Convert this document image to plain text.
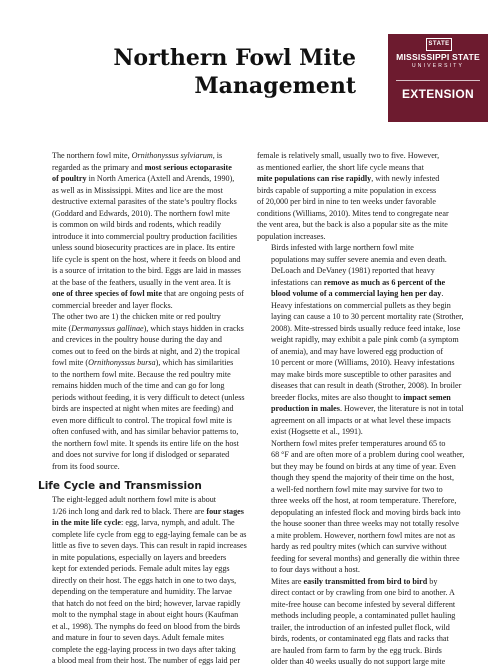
Northern Fowl Mite
Management
STATE
MISSISSIPPI STATE
UNIVERSITY
EXTENSION

The northern fowl mite, Ornithonyssus sylviarum, is
regarded as the primary and most serious ectoparasite
of poultry in North America (Axtell and Arends, 1990),
as well as in Mississippi. Mites and lice are the most
destructive external parasites of the state’s poultry flocks
(Goddard and Edwards, 2010). The northern fowl mite
is common on wild birds and rodents, which readily
introduce it into commercial poultry production facilities
unless sound biosecurity practices are in place. Its entire
life cycle is spent on the host, where it feeds on blood and
is a source of irritation to the bird. Eggs are laid in masses
at the base of the feathers, usually in the vent area. It is
one of three species of fowl mite that are ongoing pests of
commercial breeder and layer flocks.

The other two are 1) the chicken mite or red poultry
mite (Dermanyssus gallinae), which stays hidden in cracks
and crevices in the poultry house during the day and
comes out to feed on the birds at night, and 2) the tropical
fowl mite (Ornithonyssus bursa), which has similarities
to the northern fowl mite. Because the red poultry mite
remains hidden much of the time and can go for long
periods without feeding, it is very difficult to detect (unless
birds are inspected at night when mites are feeding) and
even more difficult to control. The tropical fowl mite is
often confused with, and has similar behavior patterns to,
the northern fowl mite. It spends its entire life on the host
and does not survive for long if dislodged or separated
from its food source.

Life Cycle and Transmission

The eight-legged adult northern fowl mite is about
1/26 inch long and dark red to black. There are four stages
in the mite life cycle: egg, larva, nymph, and adult. The
complete life cycle from egg to egg-laying female can be as
little as five to seven days. This can result in rapid increases
in mite populations, especially on layers and breeders
kept for extended periods. Female adult mites lay eggs
directly on their host. The eggs hatch in one to two days,
depending on the temperature and humidity. The larvae
that hatch do not feed on the bird; however, larvae rapidly
molt to the nymphal stage in about eight hours (Kaufman
et al., 1998). The nymphs do feed on blood from the birds
and mature in four to seven days. Adult female mites
complete the egg-laying process in two days after taking
a blood meal from their host. The number of eggs laid per

female is relatively small, usually two to five. However,
as mentioned earlier, the short life cycle means that
mite populations can rise rapidly, with newly infested
birds capable of supporting a mite population in excess
of 20,000 per bird in nine to ten weeks under favorable
conditions (Williams, 2010). Mites tend to congregate near
the vent area, but the back is also a popular site as the mite
population increases.

Birds infested with large northern fowl mite
populations may suffer severe anemia and even death.
DeLoach and DeVaney (1981) reported that heavy
infestations can remove as much as 6 percent of the
blood volume of a commercial laying hen per day.
Heavy infestations on commercial pullets as they begin
laying can cause a 10 to 30 percent mortality rate (Strother,
2008). Mite-stressed birds usually reduce feed intake, lose
weight rapidly, may exhibit a pale pink comb (a symptom
of anemia), and may have lowered egg production of
10 percent or more (Williams, 2010). Heavy infestations
may make birds more susceptible to other parasites and
diseases that can result in death (Strother, 2008). In broiler
breeder flocks, mites are also thought to impact semen
production in males. However, the literature is not in total
agreement on all impacts or at what level these impacts
exist (Hogsette et al., 1991).

Northern fowl mites prefer temperatures around 65 to
68 °F and are often more of a problem during cool weather,
but they may be found on birds at any time of year. Even
though they spend the majority of their time on the host,
a well-fed northern fowl mite may survive for two to
three weeks off the host, at room temperature. Therefore,
depopulating an infested flock and moving birds back into
the house sooner than three weeks may not totally resolve
a mite problem. However, northern fowl mites are not as
hardy as red poultry mites (which can survive without
feeding for several months) and generally die within three
to four days without a host.

Mites are easily transmitted from bird to bird by
direct contact or by crawling from one bird to another. A
mite-free house can become infested by several different
methods including people, a contaminated pullet hauling
trailer, the introduction of an infested pullet flock, wild
birds, rodents, or contaminated egg flats and racks that
are hauled from farm to farm by the egg truck. Birds
older than 40 weeks usually do not support large mite
